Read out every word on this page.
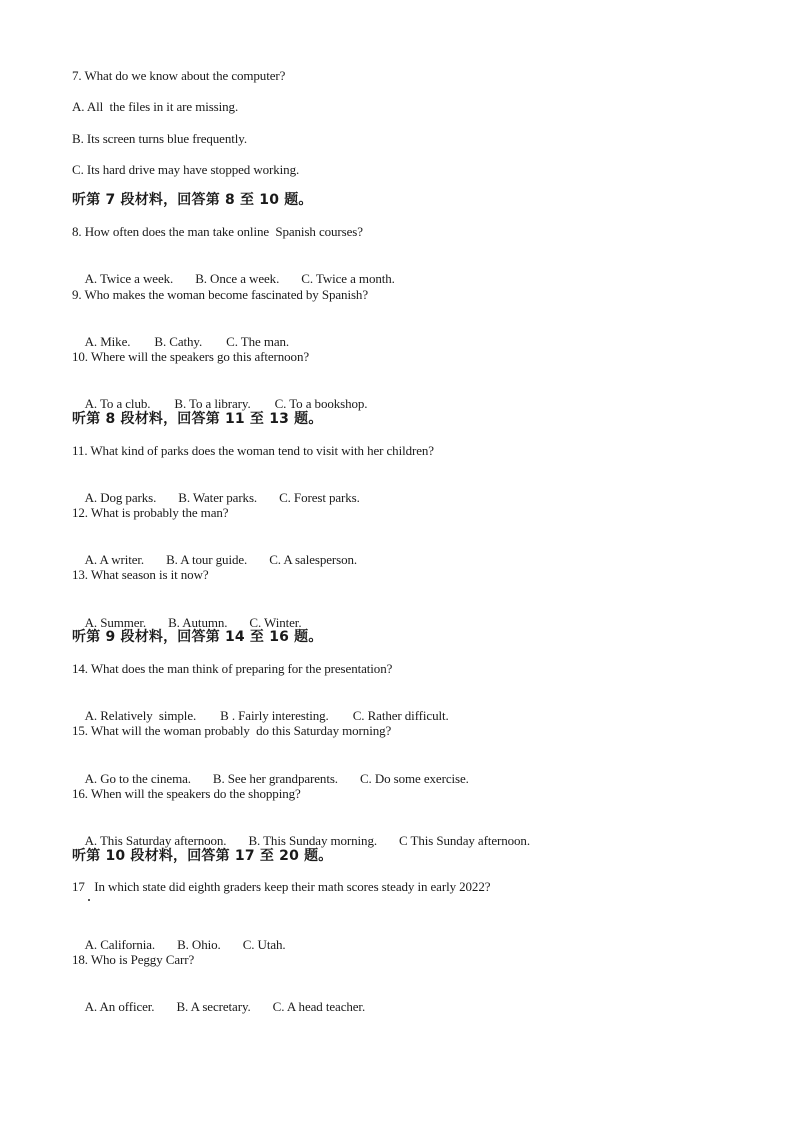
7. What do we know about the computer?
A. All  the files in it are missing.
B. Its screen turns blue frequently.
C. Its hard drive may have stopped working.
听第 7 段材料，回答第 8 至 10 题。
8. How often does the man take online  Spanish courses?

A. Twice a week. B. Once a week. C. Twice a month.

9. Who makes the woman become fascinated by Spanish?

A. Mike. B. Cathy. C. The man.

10. Where will the speakers go this afternoon?

A. To a club. B. To a library. C. To a bookshop.

听第 8 段材料，回答第 11 至 13 题。
11. What kind of parks does the woman tend to visit with her children?

A. Dog parks. B. Water parks. C. Forest parks.

12. What is probably the man?

A. A writer. B. A tour guide. C. A salesperson.

13. What season is it now?

A. Summer. B. Autumn. C. Winter.

听第 9 段材料，回答第 14 至 16 题。
14. What does the man think of preparing for the presentation?

A. Relatively  simple. B . Fairly interesting. C. Rather difficult.

15. What will the woman probably  do this Saturday morning?

A. Go to the cinema. B. See her grandparents. C. Do some exercise.

16. When will the speakers do the shopping?

A. This Saturday afternoon. B. This Sunday morning. C This Sunday afternoon.

听第 10 段材料，回答第 17 至 20 题。
17   In which state did eighth graders keep their math scores steady in early 2022?

A. California. B. Ohio. C. Utah.

18. Who is Peggy Carr?

A. An officer. B. A secretary. C. A head teacher.
